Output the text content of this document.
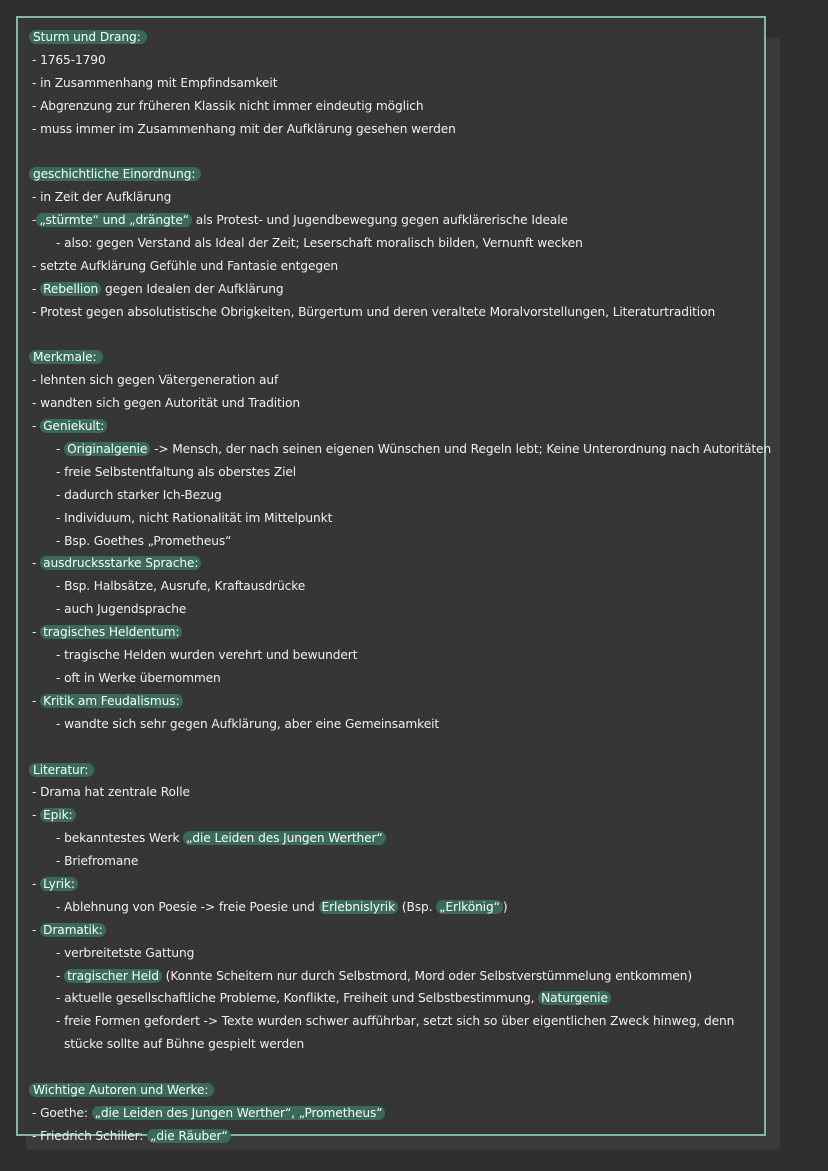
Sturm und Drang:
- 1765-1790
- in Zusammenhang mit Empfindsamkeit
- Abgrenzung zur früheren Klassik nicht immer eindeutig möglich
- muss immer im Zusammenhang mit der Aufklärung gesehen werden
geschichtliche Einordnung:
- in Zeit der Aufklärung
- „stürmte“ und „drängte“ als Protest- und Jugendbewegung gegen aufklärerische Ideale
- also: gegen Verstand als Ideal der Zeit; Leserschaft moralisch bilden, Vernunft wecken
- setzte Aufklärung Gefühle und Fantasie entgegen
- Rebellion gegen Idealen der Aufklärung
- Protest gegen absolutistische Obrigkeiten, Bürgertum und deren veraltete Moralvorstellungen, Literaturtradition
Merkmale:
- lehnten sich gegen Vätergeneration auf
- wandten sich gegen Autorität und Tradition
- Geniekult:
- Originalgenie -> Mensch, der nach seinen eigenen Wünschen und Regeln lebt; Keine Unterordnung nach Autoritäten
- freie Selbstentfaltung als oberstes Ziel
- dadurch starker Ich-Bezug
- Individuum, nicht Rationalität im Mittelpunkt
- Bsp. Goethes „Prometheus“
- ausdrucksstarke Sprache:
- Bsp. Halbsätze, Ausrufe, Kraftausdrücke
- auch Jugendsprache
- tragisches Heldentum:
- tragische Helden wurden verehrt und bewundert
- oft in Werke übernommen
- Kritik am Feudalismus:
- wandte sich sehr gegen Aufklärung, aber eine Gemeinsamkeit
Literatur:
- Drama hat zentrale Rolle
- Epik:
- bekanntestes Werk „die Leiden des Jungen Werther“
- Briefromane
- Lyrik:
- Ablehnung von Poesie -> freie Poesie und Erlebnislyrik (Bsp. „Erlkönig“ )
- Dramatik:
- verbreitetste Gattung
- tragischer Held (Konnte Scheitern nur durch Selbstmord, Mord oder Selbstverstümmelung entkommen)
- aktuelle gesellschaftliche Probleme, Konflikte, Freiheit und Selbstbestimmung, Naturgenie
- freie Formen gefordert -> Texte wurden schwer aufführbar, setzt sich so über eigentlichen Zweck hinweg, denn
stücke sollte auf Bühne gespielt werden
Wichtige Autoren und Werke:
- Goethe: „die Leiden des Jungen Werther“, „Prometheus“
- Friedrich Schiller: „die Räuber“
